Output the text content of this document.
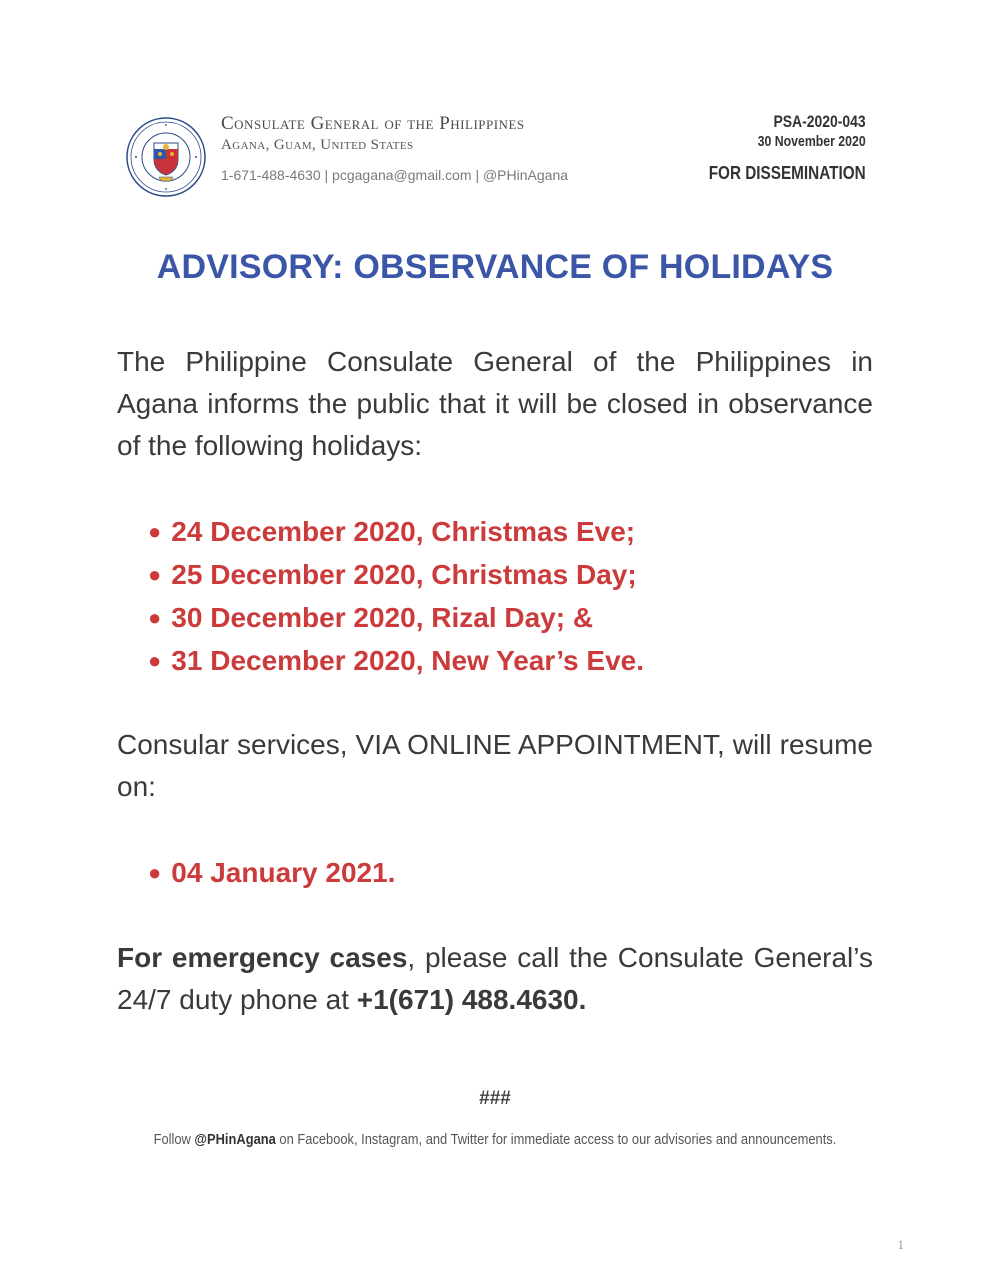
Consulate General of the Philippines
Agana, Guam, United States
1-671-488-4630 | pcgagana@gmail.com | @PHinAgana
PSA-2020-043
30 November 2020
FOR DISSEMINATION
ADVISORY: OBSERVANCE OF HOLIDAYS
The Philippine Consulate General of the Philippines in Agana informs the public that it will be closed in observance of the following holidays:
● 24 December 2020, Christmas Eve;
● 25 December 2020, Christmas Day;
● 30 December 2020, Rizal Day; &
● 31 December 2020, New Year’s Eve.
Consular services, VIA ONLINE APPOINTMENT, will resume on:
● 04 January 2021.
For emergency cases, please call the Consulate General’s 24/7 duty phone at +1(671) 488.4630.
###
Follow @PHinAgana on Facebook, Instagram, and Twitter for immediate access to our advisories and announcements.
1
